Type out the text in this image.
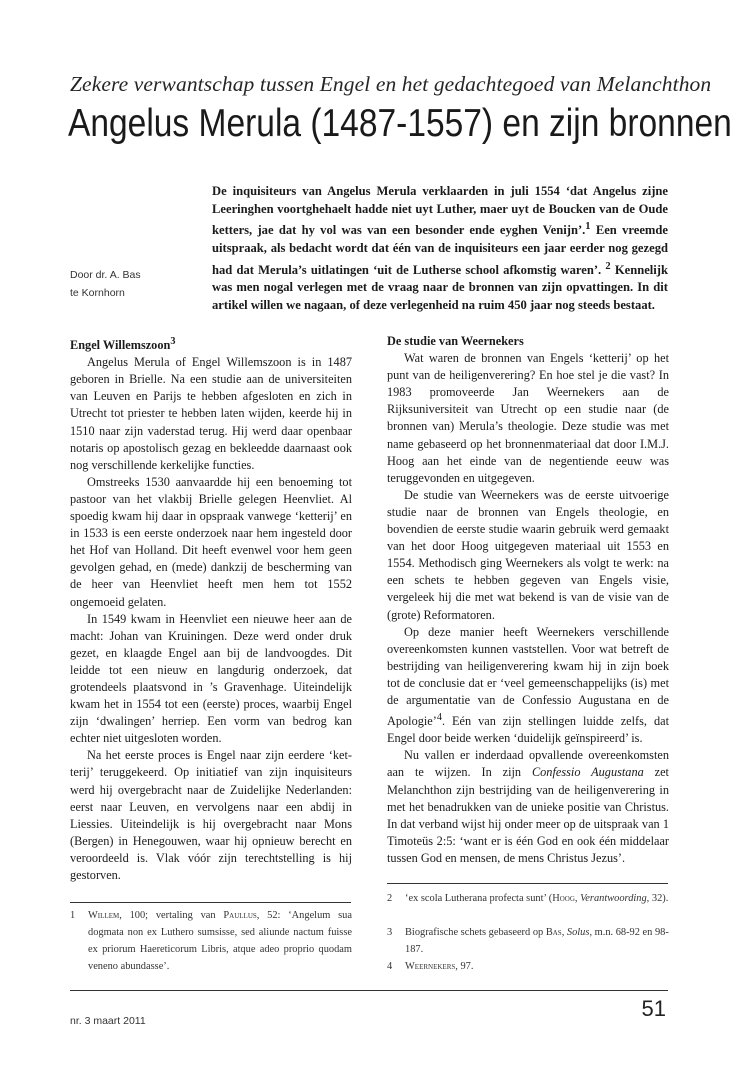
Zekere verwantschap tussen Engel en het gedachtegoed van Melanchthon
Angelus Merula (1487-1557) en zijn bronnen
Door dr. A. Bas
te Kornhorn
De inquisiteurs van Angelus Merula verklaarden in juli 1554 ‘dat Angelus zijne Leeringhen voortghehaelt hadde niet uyt Luther, maer uyt de Boucken van de Oude ketters, jae dat hy vol was van een besonder ende eyghen Venijn’.$^1$ Een vreemde uitspraak, als bedacht wordt dat één van de inquisiteurs een jaar eerder nog gezegd had dat Merula’s uitlatingen ‘uit de Lutherse school afkomstig waren’. $^2$ Kennelijk was men nogal verlegen met de vraag naar de bronnen van zijn opvattingen. In dit artikel willen we nagaan, of deze verlegenheid na ruim 450 jaar nog steeds bestaat.
Engel Willemszoon$^3$

Angelus Merula of Engel Willemszoon is in 1487 geboren in Brielle. Na een studie aan de universiteiten van Leuven en Parijs te hebben afgesloten en zich in Utrecht tot priester te hebben laten wijden, keerde hij in 1510 naar zijn vaderstad terug. Hij werd daar openbaar notaris op apostolisch gezag en bekleedde daarnaast ook nog verschillende kerkelijke functies.

Omstreeks 1530 aanvaardde hij een benoeming tot pastoor van het vlakbij Brielle gelegen Heenvliet. Al spoedig kwam hij daar in opspraak vanwege ‘ketterij’ en in 1533 is een eerste onderzoek naar hem ingesteld door het Hof van Holland. Dit heeft evenwel voor hem geen gevolgen gehad, en (mede) dankzij de bescherming van de heer van Heenvliet heeft men hem tot 1552 ongemoeid gelaten.

In 1549 kwam in Heenvliet een nieuwe heer aan de macht: Johan van Kruiningen. Deze werd onder druk gezet, en klaagde Engel aan bij de landvoogdes. Dit leidde tot een nieuw en langdurig onderzoek, dat grotendeels plaatsvond in ’s Gravenhage. Uiteindelijk kwam het in 1554 tot een (eerste) proces, waarbij Engel zijn ‘dwalingen’ herriep. Een vorm van bedrog kan echter niet uitgesloten worden.

Na het eerste proces is Engel naar zijn eerdere ‘ketterij’ teruggekeerd. Op initiatief van zijn inquisiteurs werd hij overgebracht naar de Zuidelijke Nederlanden: eerst naar Leuven, en vervolgens naar een abdij in Liessies. Uiteindelijk is hij overgebracht naar Mons (Bergen) in Henegouwen, waar hij opnieuw berecht en veroordeeld is. Vlak vóór zijn terechtstelling is hij gestorven.

De studie van Weernekers

Wat waren de bronnen van Engels ‘ketterij’ op het punt van de heiligenverering? En hoe stel je die vast? In 1983 promoveerde Jan Weernekers aan de Rijksuniversiteit van Utrecht op een studie naar (de bronnen van) Merula’s theologie. Deze studie was met name gebaseerd op het bronnenmateriaal dat door I.M.J. Hoog aan het einde van de negentiende eeuw was teruggevonden en uitgegeven.

De studie van Weernekers was de eerste uitvoerige studie naar de bronnen van Engels theologie, en bovendien de eerste studie waarin gebruik werd gemaakt van het door Hoog uitgegeven materiaal uit 1553 en 1554. Methodisch ging Weernekers als volgt te werk: na een schets te hebben gegeven van Engels visie, vergeleek hij die met wat bekend is van de visie van de (grote) Reformatoren.

Op deze manier heeft Weernekers verschillende overeenkomsten kunnen vaststellen. Voor wat betreft de bestrijding van heiligenverering kwam hij in zijn boek tot de conclusie dat er ‘veel gemeenschappelijks (is) met de argumentatie van de Confessio Augustana en de Apologie’$^4$. Eén van zijn stellingen luidde zelfs, dat Engel door beide werken ‘duidelijk geïnspireerd’ is.

Nu vallen er inderdaad opvallende overeenkomsten aan te wijzen. In zijn Confessio Augustana zet Melanchthon zijn bestrijding van de heiligenverering in met het benadrukken van de unieke positie van Christus. In dat verband wijst hij onder meer op de uitspraak van 1 Timoteüs 2:5: ‘want er is één God en ook één middelaar tussen God en mensen, de mens Christus Jezus’.

1 Willem, 100; vertaling van Paullus, 52: ‘Angelum sua dogmata non ex Luthero sumsisse, sed aliunde nactum fuisse ex priorum Haereticorum Libris, atque adeo proprio quodam veneno abundasse’.
2 ‘ex scola Lutherana profecta sunt’ (Hoog, Verantwoording, 32).
3 Biografische schets gebaseerd op Bas, Solus, m.n. 68-92 en 98-187.
4 Weernekers, 97.
nr. 3 maart 2011	51
